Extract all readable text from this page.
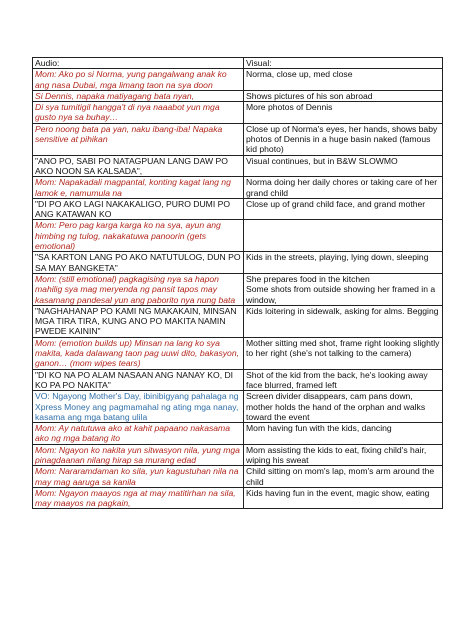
Audio:	Visual:
Mom: Ako po si Norma, yung pangalwang anak ko ang nasa Dubai, mga limang taon na sya doon	Norma, close up, med close
Si Dennis, napaka matiyagang bata nyan,	Shows pictures of his son abroad
Di sya tumitigil hangga't di nya naaabot yun mga gusto nya sa buhay…	More photos of Dennis
Pero noong bata pa yan, naku ibang-iba! Napaka sensitive at pihikan	Close up of Norma's eyes, her hands, shows baby photos of Dennis in a huge basin naked (famous kid photo)
"ANO PO, SABI PO NATAGPUAN LANG DAW PO AKO NOON SA KALSADA",	Visual continues, but in B&W SLOWMO
Mom: Napakadali magpantal, konting kagat lang ng lamok e, namumula na	Norma doing her daily chores or taking care of her grand child
"DI PO AKO LAGI NAKAKALIGO, PURO DUMI PO ANG KATAWAN KO	Close up of grand child face, and grand mother
Mom: Pero pag karga karga ko na sya, ayun ang himbing ng tulog, nakakatuwa panoorin (gets emotional)	
"SA KARTON LANG PO AKO NATUTULOG, DUN PO SA MAY BANGKETA"	Kids in the streets, playing, lying down, sleeping
Mom: (still emotional) pagkagising nya sa hapon mahilig sya mag meryenda ng pansit tapos may kasamang pandesal yun ang paborito nya nung bata	She prepares food in the kitchen
Some shots from outside showing her framed in a window,
"NAGHAHANAP PO KAMI NG MAKAKAIN, MINSAN MGA TIRA TIRA, KUNG ANO PO MAKITA NAMIN PWEDE KAININ"	Kids loitering in sidewalk, asking for alms. Begging
Mom: (emotion builds up) Minsan na lang ko sya makita, kada dalawang taon pag uuwi dito, bakasyon, ganon… (mom wipes tears)	Mother sitting med shot, frame right looking slightly to her right (she's not talking to the camera)
"DI KO NA PO ALAM NASAAN ANG NANAY KO, DI KO PA PO NAKITA"	Shot of the kid from the back, he's looking away face blurred, framed left
VO: Ngayong Mother's Day, ibinibigyang pahalaga ng Xpress Money ang pagmamahal ng ating mga nanay, kasama ang mga batang ulila	Screen divider disappears, cam pans down, mother holds the hand of the orphan and walks toward the event
Mom: Ay natutuwa ako at kahit papaano nakasama ako ng mga batang ito	Mom having fun with the kids, dancing
Mom: Ngayon ko nakita yun sitwasyon nila, yung mga pinagdaanan nilang hirap sa murang edad	Mom assisting the kids to eat, fixing child's hair, wiping his sweat
Mom: Nararamdaman ko sila, yun kagustuhan nila na may mag aaruga sa kanila	Child sitting on mom's lap, mom's arm around the child
Mom: Ngayon maayos nga at may matitirhan na sila, may maayos na pagkain,	Kids having fun in the event, magic show, eating
